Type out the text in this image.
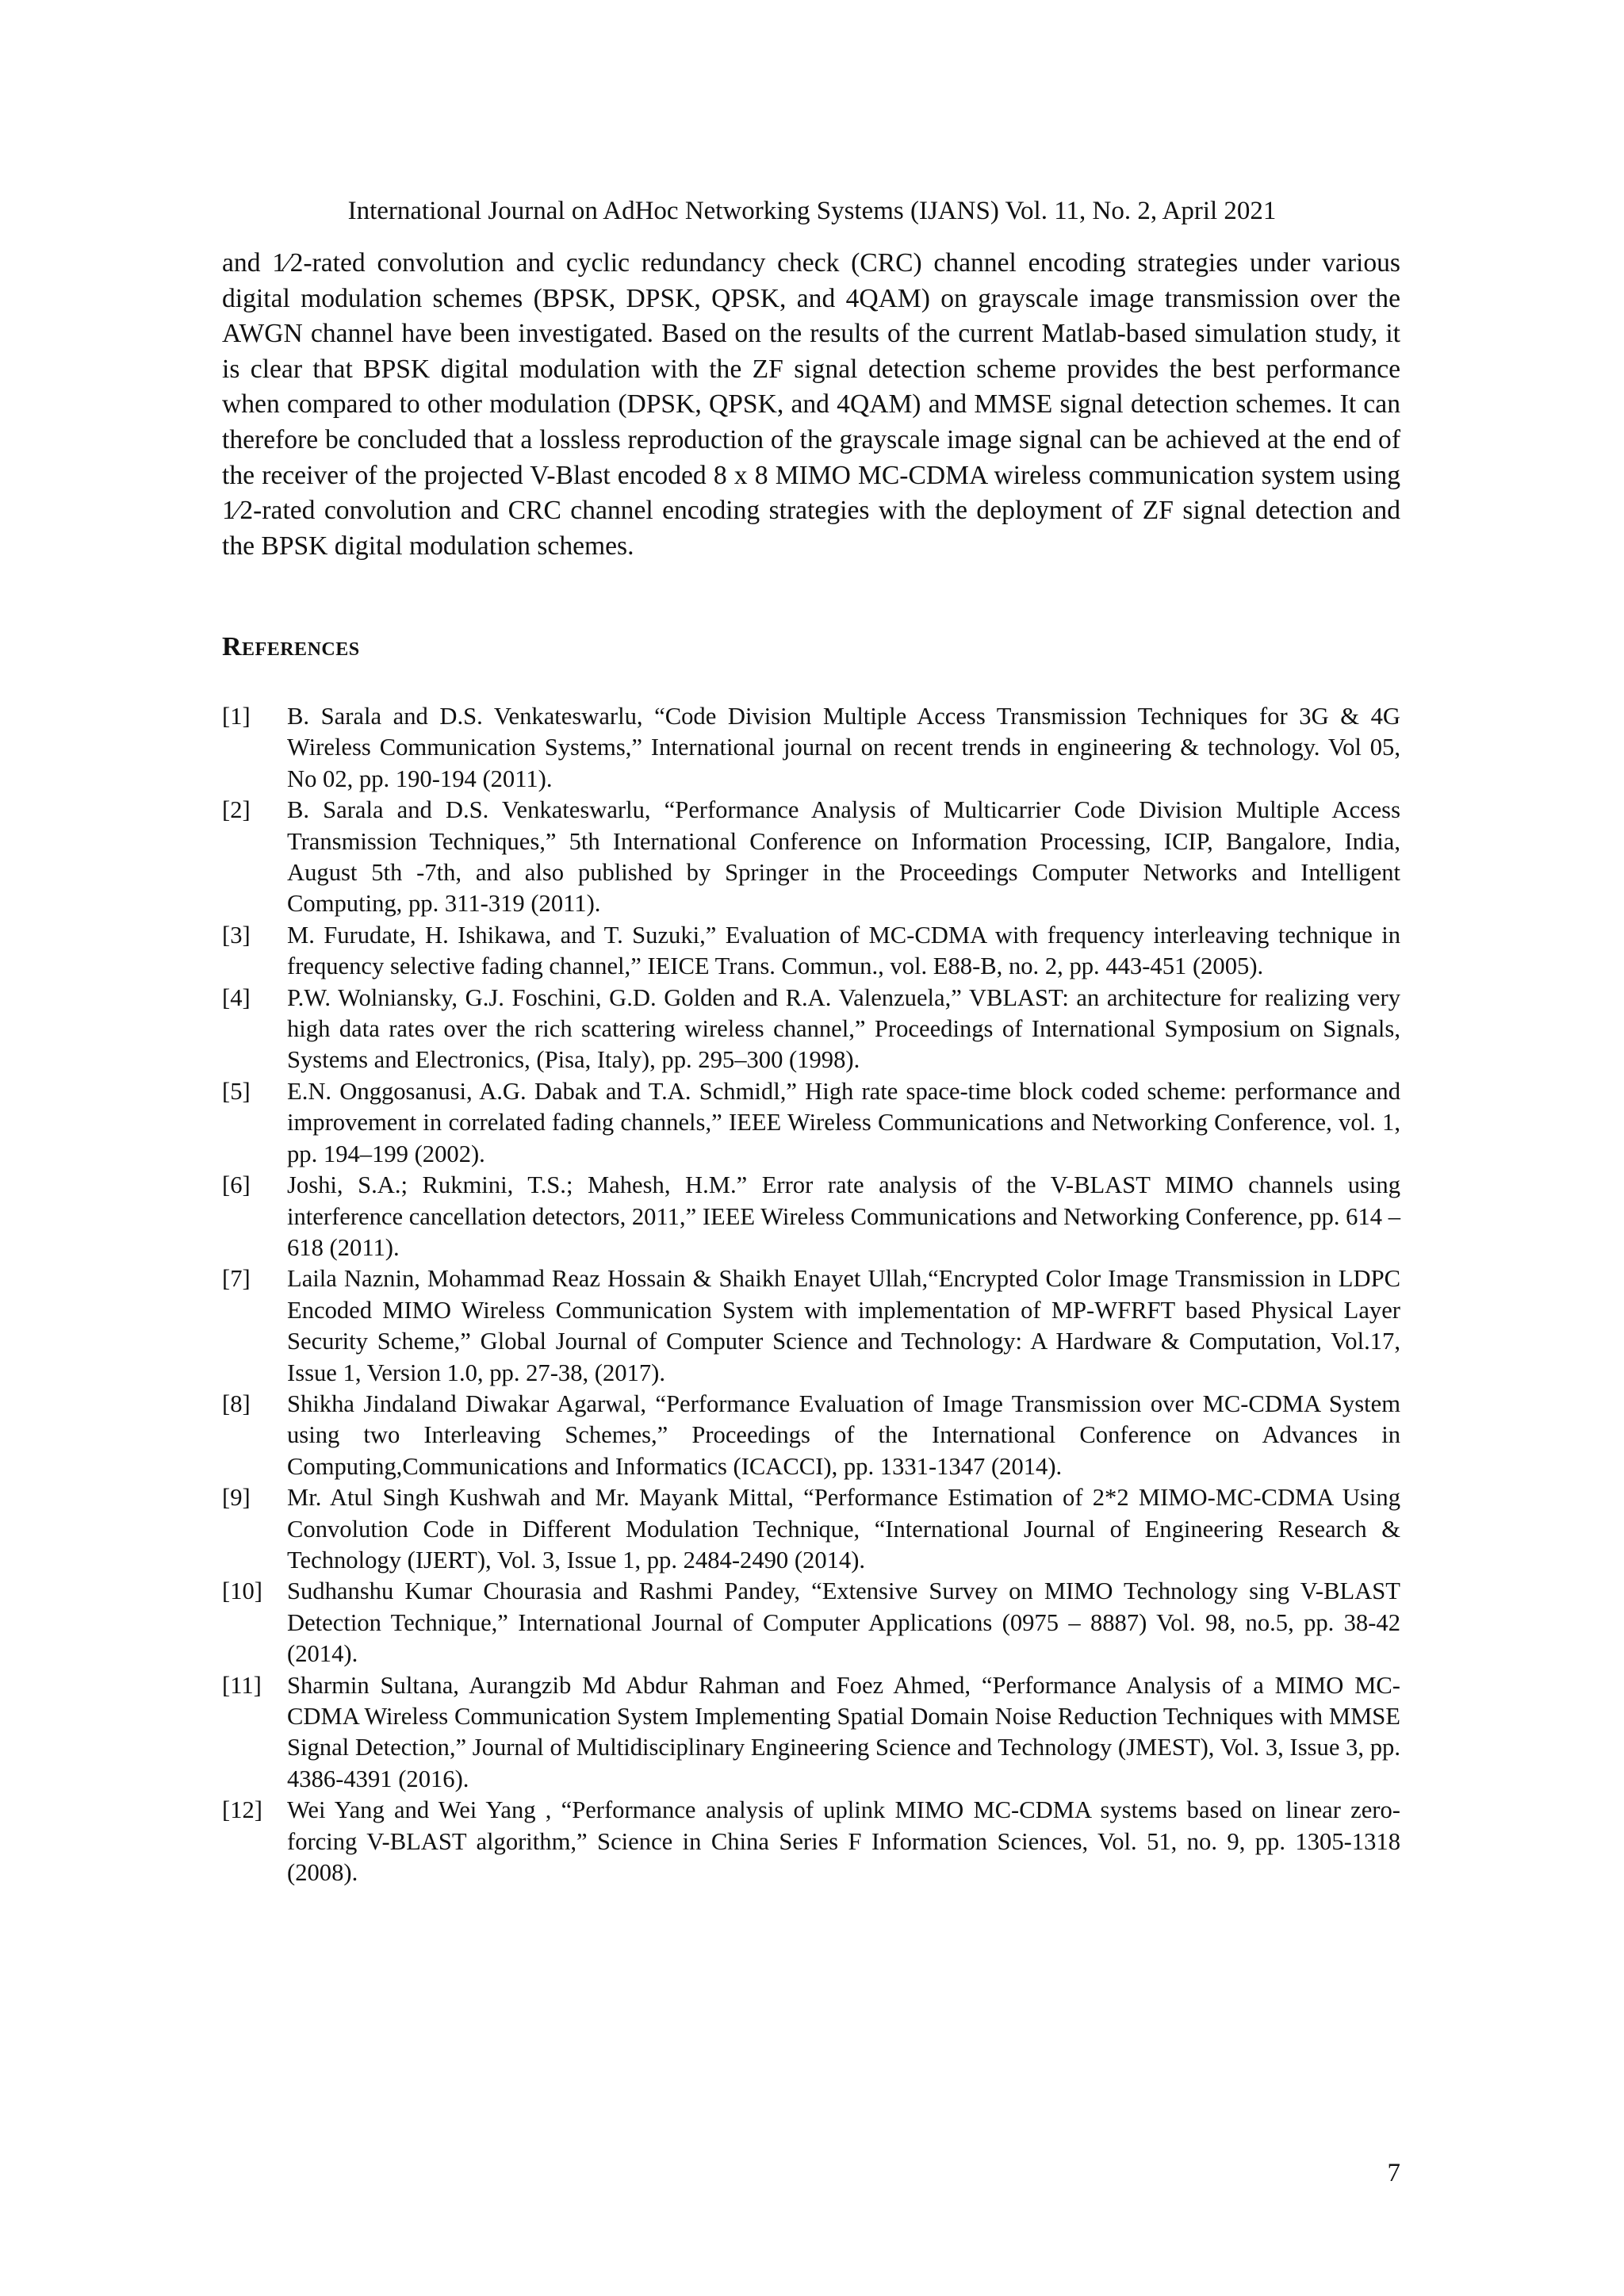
International Journal on AdHoc Networking Systems (IJANS) Vol. 11, No. 2, April 2021

and 1⁄2-rated convolution and cyclic redundancy check (CRC) channel encoding strategies under various digital modulation schemes (BPSK, DPSK, QPSK, and 4QAM) on grayscale image transmission over the AWGN channel have been investigated. Based on the results of the current Matlab-based simulation study, it is clear that BPSK digital modulation with the ZF signal detection scheme provides the best performance when compared to other modulation (DPSK, QPSK, and 4QAM) and MMSE signal detection schemes. It can therefore be concluded that a lossless reproduction of the grayscale image signal can be achieved at the end of the receiver of the projected V-Blast encoded 8 x 8 MIMO MC-CDMA wireless communication system using 1⁄2-rated convolution and CRC channel encoding strategies with the deployment of ZF signal detection and the BPSK digital modulation schemes.

References
[1]	B. Sarala and D.S. Venkateswarlu, “Code Division Multiple Access Transmission Techniques for 3G & 4G Wireless Communication Systems,” International journal on recent trends in engineering & technology. Vol 05, No 02, pp. 190-194 (2011).
[2]	B. Sarala and D.S. Venkateswarlu, “Performance Analysis of Multicarrier Code Division Multiple Access Transmission Techniques,” 5th International Conference on Information Processing, ICIP, Bangalore, India, August 5th -7th, and also published by Springer in the Proceedings Computer Networks and Intelligent Computing, pp. 311-319 (2011).
[3]	M. Furudate, H. Ishikawa, and T. Suzuki,” Evaluation of MC-CDMA with frequency interleaving technique in frequency selective fading channel,” IEICE Trans. Commun., vol. E88-B, no. 2, pp. 443-451 (2005).
[4]	P.W. Wolniansky, G.J. Foschini, G.D. Golden and R.A. Valenzuela,” VBLAST: an architecture for realizing very high data rates over the rich scattering wireless channel,” Proceedings of International Symposium on Signals, Systems and Electronics, (Pisa, Italy), pp. 295–300 (1998).
[5]	E.N. Onggosanusi, A.G. Dabak and T.A. Schmidl,” High rate space-time block coded scheme: performance and improvement in correlated fading channels,” IEEE Wireless Communications and Networking Conference, vol. 1, pp. 194–199 (2002).
[6]	Joshi, S.A.; Rukmini, T.S.; Mahesh, H.M.” Error rate analysis of the V-BLAST MIMO channels using interference cancellation detectors, 2011,” IEEE Wireless Communications and Networking Conference, pp. 614 – 618 (2011).
[7]	Laila Naznin, Mohammad Reaz Hossain & Shaikh Enayet Ullah,“Encrypted Color Image Transmission in LDPC Encoded MIMO Wireless Communication System with implementation of MP-WFRFT based Physical Layer Security Scheme,” Global Journal of Computer Science and Technology: A Hardware & Computation, Vol.17, Issue 1, Version 1.0, pp. 27-38, (2017).
[8]	Shikha Jindaland Diwakar Agarwal, “Performance Evaluation of Image Transmission over MC-CDMA System using two Interleaving Schemes,” Proceedings of the International Conference on Advances in Computing,Communications and Informatics (ICACCI), pp. 1331-1347 (2014).
[9]	Mr. Atul Singh Kushwah and Mr. Mayank Mittal, “Performance Estimation of 2*2 MIMO-MC-CDMA Using Convolution Code in Different Modulation Technique, “International Journal of Engineering Research & Technology (IJERT), Vol. 3, Issue 1, pp. 2484-2490 (2014).
[10]	Sudhanshu Kumar Chourasia and Rashmi Pandey, “Extensive Survey on MIMO Technology sing V-BLAST Detection Technique,” International Journal of Computer Applications (0975 – 8887) Vol. 98, no.5, pp. 38-42 (2014).
[11]	Sharmin Sultana, Aurangzib Md Abdur Rahman and Foez Ahmed, “Performance Analysis of a MIMO MC-CDMA Wireless Communication System Implementing Spatial Domain Noise Reduction Techniques with MMSE Signal Detection,” Journal of Multidisciplinary Engineering Science and Technology (JMEST), Vol. 3, Issue 3, pp. 4386-4391 (2016).
[12]	Wei Yang and Wei Yang , “Performance analysis of uplink MIMO MC-CDMA systems based on linear zero-forcing V-BLAST algorithm,” Science in China Series F Information Sciences, Vol. 51, no. 9, pp. 1305-1318 (2008).
7
